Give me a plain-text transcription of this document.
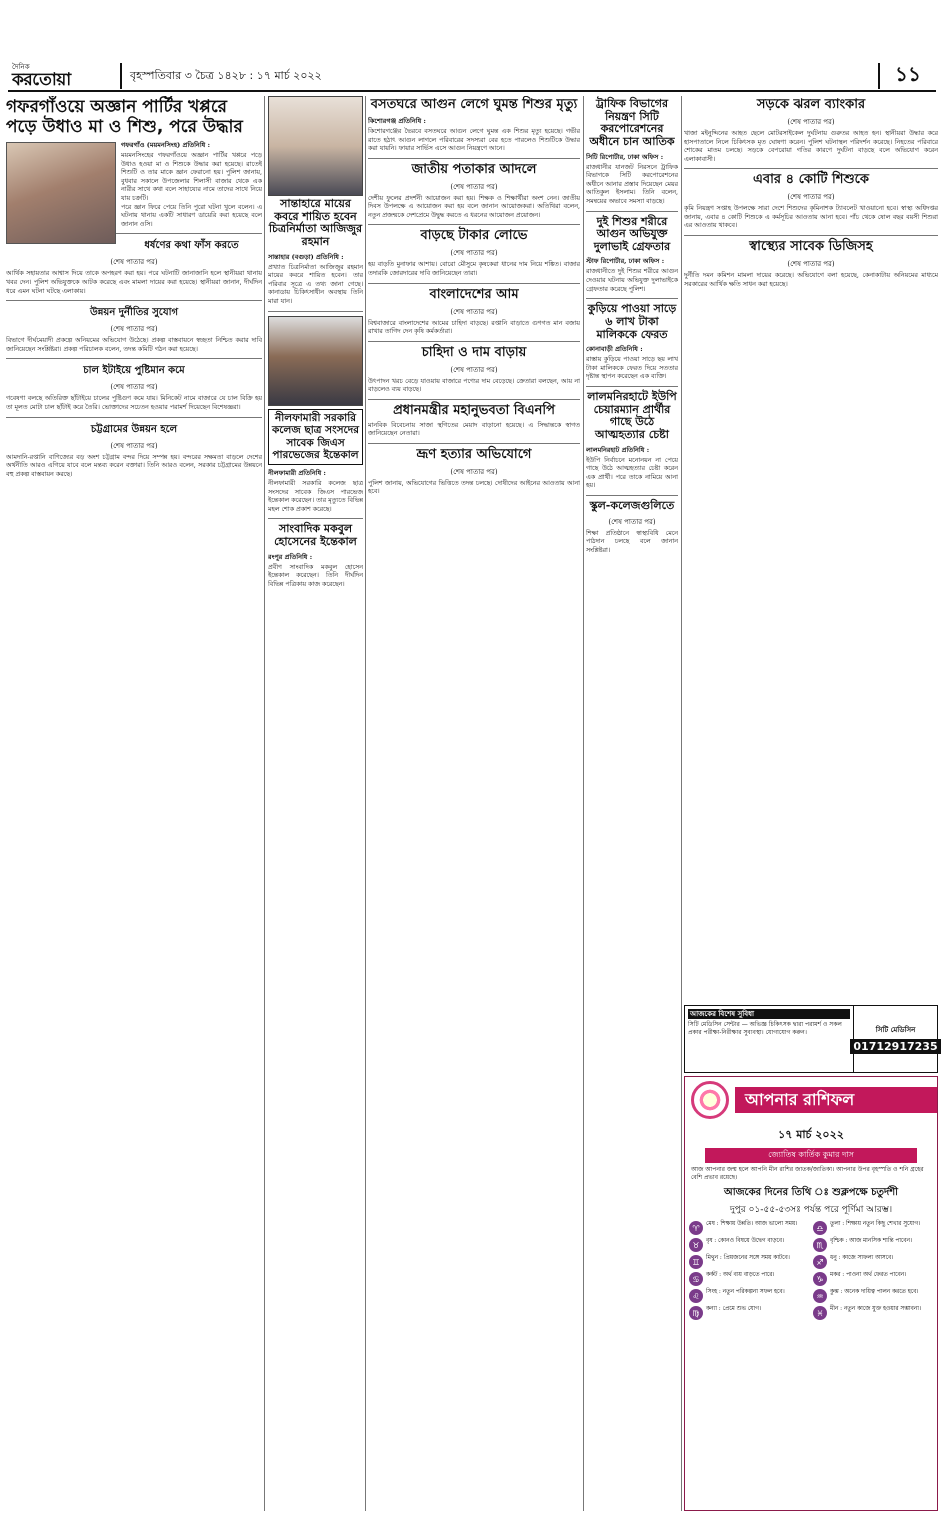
দৈনিক
করতোয়া	বৃহস্পতিবার ৩ চৈত্র ১৪২৮ : ১৭ মার্চ ২০২২	১১
গফরগাঁওয়ে অজ্ঞান পার্টির খপ্পরে পড়ে উধাও মা ও শিশু, পরে উদ্ধার
গফরগাঁও (ময়মনসিংহ) প্রতিনিধি :

ময়মনসিংহের গফরগাঁওয়ে অজ্ঞান পার্টির খপ্পরে পড়ে উধাও হওয়া মা ও শিশুকে উদ্ধার করা হয়েছে। রাতেই শিশুটি ও তার মাকে জ্ঞান ফেরানো হয়। পুলিশ জানায়, বুধবার সকালে উপজেলার শিলাসী বাজার থেকে এক নারীর সাথে কথা বলে সাহায্যের নামে তাদের সাথে নিয়ে যায় চক্রটি।

পরে জ্ঞান ফিরে পেয়ে তিনি পুরো ঘটনা খুলে বলেন। এ ঘটনায় থানায় একটি সাধারণ ডায়েরি করা হয়েছে বলে জানান ওসি।

ধর্ষণের কথা ফাঁস করতে
(শেষ পাতার পর)

আর্থিক সহায়তার আশ্বাস দিয়ে তাকে অপহরণ করা হয়। পরে ঘটনাটি জানাজানি হলে স্থানীয়রা থানায় খবর দেন। পুলিশ অভিযুক্তকে আটক করেছে এবং মামলা দায়ের করা হয়েছে। স্থানীয়রা জানান, দীর্ঘদিন ধরে এমন ঘটনা ঘটছে এলাকায়।

উন্নয়ন দুর্নীতির সুযোগ
(শেষ পাতার পর)

বিভাগে দীর্ঘমেয়াদী প্রকল্পে অনিয়মের অভিযোগ উঠেছে। প্রকল্প বাস্তবায়নে স্বচ্ছতা নিশ্চিত করার দাবি জানিয়েছেন সংশ্লিষ্টরা। প্রকল্প পরিচালক বলেন, তদন্ত কমিটি গঠন করা হয়েছে।

চাল ইটাইয়ে পুষ্টিমান কমে
(শেষ পাতার পর)

গবেষণা বলছে অতিরিক্ত ছাঁটাইয়ে চালের পুষ্টিগুণ কমে যায়। মিনিকেট নামে বাজারে যে চাল বিক্রি হয় তা মূলত মোটা চাল ছাঁটাই করে তৈরি। ভোক্তাদের সচেতন হওয়ার পরামর্শ দিয়েছেন বিশেষজ্ঞরা।

চট্টগ্রামের উন্নয়ন হলে
(শেষ পাতার পর)

আমদানি-রপ্তানি বাণিজ্যের বড় অংশ চট্টগ্রাম বন্দর দিয়ে সম্পন্ন হয়। বন্দরের সক্ষমতা বাড়লে দেশের অর্থনীতি আরও এগিয়ে যাবে বলে মন্তব্য করেন বক্তারা। তিনি আরও বলেন, সরকার চট্টগ্রামের উন্নয়নে বহু প্রকল্প বাস্তবায়ন করছে।

সান্তাহারে মায়ের কবরে শায়িত হবেন চিত্রনির্মাতা আজিজুর রহমান
সান্তাহার (বগুড়া) প্রতিনিধি :

প্রখ্যাত চিত্রনির্মাতা আজিজুর রহমান মায়ের কবরে শায়িত হবেন। তার পরিবার সূত্রে এ তথ্য জানা গেছে। কানাডায় চিকিৎসাধীন অবস্থায় তিনি মারা যান।

নীলফামারী সরকারি কলেজ ছাত্র সংসদের সাবেক জিএস পারভেজের ইন্তেকাল
নীলফামারী প্রতিনিধি :

নীলফামারী সরকারি কলেজ ছাত্র সংসদের সাবেক জিএস পারভেজ ইন্তেকাল করেছেন। তার মৃত্যুতে বিভিন্ন মহল শোক প্রকাশ করেছে।

সাংবাদিক মকবুল হোসেনের ইন্তেকাল
রংপুর প্রতিনিধি :

প্রবীণ সাংবাদিক মকবুল হোসেন ইন্তেকাল করেছেন। তিনি দীর্ঘদিন বিভিন্ন পত্রিকায় কাজ করেছেন।

বসতঘরে আগুন লেগে ঘুমন্ত শিশুর মৃত্যু
কিশোরগঞ্জ প্রতিনিধি :

কিশোরগঞ্জের ভৈরবে বসতঘরে আগুন লেগে ঘুমন্ত এক শিশুর মৃত্যু হয়েছে। গভীর রাতে হঠাৎ আগুন লাগলে পরিবারের সদস্যরা বের হতে পারলেও শিশুটিকে উদ্ধার করা যায়নি। ফায়ার সার্ভিস এসে আগুন নিয়ন্ত্রণে আনে।

জাতীয় পতাকার আদলে
(শেষ পাতার পর)

দেশীয় ফুলের প্রদর্শনী আয়োজন করা হয়। শিক্ষক ও শিক্ষার্থীরা অংশ নেন। জাতীয় দিবস উপলক্ষে এ আয়োজন করা হয় বলে জানান আয়োজকরা। অতিথিরা বলেন, নতুন প্রজন্মকে দেশপ্রেমে উদ্বুদ্ধ করতে এ ধরনের আয়োজন প্রয়োজন।

বাড়ছে টাকার লোভে
(শেষ পাতার পর)

হয় বাড়তি মুনাফার আশায়। বোরো মৌসুমে কৃষকেরা ধানের দাম নিয়ে শঙ্কিত। বাজার তদারকি জোরদারের দাবি জানিয়েছেন তারা।

বাংলাদেশের আম
(শেষ পাতার পর)

বিশ্ববাজারে বাংলাদেশের আমের চাহিদা বাড়ছে। রপ্তানি বাড়াতে গুণগত মান বজায় রাখার তাগিদ দেন কৃষি কর্মকর্তারা।

চাহিদা ও দাম বাড়ায়
(শেষ পাতার পর)

উৎপাদন খরচ বেড়ে যাওয়ায় বাজারে পণ্যের দাম বেড়েছে। ক্রেতারা বলছেন, আয় না বাড়লেও ব্যয় বাড়ছে।

প্রধানমন্ত্রীর মহানুভবতা বিএনপি

মানবিক বিবেচনায় সাজা স্থগিতের মেয়াদ বাড়ানো হয়েছে। এ সিদ্ধান্তকে স্বাগত জানিয়েছেন নেতারা।

ভ্রূণ হত্যার অভিযোগে
(শেষ পাতার পর)

পুলিশ জানায়, অভিযোগের ভিত্তিতে তদন্ত চলছে। দোষীদের আইনের আওতায় আনা হবে।

ট্রাফিক বিভাগের নিয়ন্ত্রণ সিটি করপোরেশনের অধীনে চান আতিক
সিটি রিপোর্টার, ঢাকা অফিস :

রাজধানীর যানজট নিরসনে ট্রাফিক বিভাগকে সিটি করপোরেশনের অধীনে আনার প্রস্তাব দিয়েছেন মেয়র আতিকুল ইসলাম। তিনি বলেন, সমন্বয়ের অভাবে সমস্যা বাড়ছে।

দুই শিশুর শরীরে আগুন অভিযুক্ত দুলাভাই গ্রেফতার
স্টাফ রিপোর্টার, ঢাকা অফিস :

রাজধানীতে দুই শিশুর শরীরে আগুন দেওয়ার ঘটনায় অভিযুক্ত দুলাভাইকে গ্রেফতার করেছে পুলিশ।

কুড়িয়ে পাওয়া সাড়ে ৬ লাখ টাকা মালিককে ফেরত
কোনাবাড়ী প্রতিনিধি :

রাস্তায় কুড়িয়ে পাওয়া সাড়ে ছয় লাখ টাকা মালিককে ফেরত দিয়ে সততার দৃষ্টান্ত স্থাপন করেছেন এক ব্যক্তি।

লালমনিরহাটে ইউপি চেয়ারম্যান প্রার্থীর গাছে উঠে আত্মহত্যার চেষ্টা
লালমনিরহাট প্রতিনিধি :

ইউপি নির্বাচনে মনোনয়ন না পেয়ে গাছে উঠে আত্মহত্যার চেষ্টা করেন এক প্রার্থী। পরে তাকে নামিয়ে আনা হয়।

স্কুল-কলেজগুলিতে
(শেষ পাতার পর)

শিক্ষা প্রতিষ্ঠানে স্বাস্থ্যবিধি মেনে পাঠদান চলছে বলে জানান সংশ্লিষ্টরা।

সড়কে ঝরল ব্যাংকার
(শেষ পাতার পর)

খাজা মইনুদ্দিনের আহত ছেলে মোটরসাইকেল দুর্ঘটনায় গুরুতর আহত হন। স্থানীয়রা উদ্ধার করে হাসপাতালে নিলে চিকিৎসক মৃত ঘোষণা করেন। পুলিশ ঘটনাস্থল পরিদর্শন করেছে। নিহতের পরিবারে শোকের মাতম চলছে। সড়কে বেপরোয়া গতির কারণে দুর্ঘটনা বাড়ছে বলে অভিযোগ করেন এলাকাবাসী।

এবার ৪ কোটি শিশুকে
(শেষ পাতার পর)

কৃমি নিয়ন্ত্রণ সপ্তাহ উপলক্ষে সারা দেশে শিশুদের কৃমিনাশক ট্যাবলেট খাওয়ানো হবে। স্বাস্থ্য অধিদপ্তর জানায়, এবার ৪ কোটি শিশুকে এ কর্মসূচির আওতায় আনা হবে। পাঁচ থেকে ষোল বছর বয়সী শিশুরা এর আওতায় থাকবে।

স্বাস্থ্যের সাবেক ডিজিসহ
(শেষ পাতার পর)

দুর্নীতি দমন কমিশন মামলা দায়ের করেছে। অভিযোগে বলা হয়েছে, কেনাকাটায় অনিয়মের মাধ্যমে সরকারের আর্থিক ক্ষতি সাধন করা হয়েছে।

আজকের বিশেষ সুবিধা
সিটি মেডিসিন সেন্টার — অভিজ্ঞ চিকিৎসক দ্বারা পরামর্শ ও সকল প্রকার পরীক্ষা-নিরীক্ষার সুব্যবস্থা। যোগাযোগ করুন।	সিটি মেডিসিন
01712917235
আপনার রাশিফল
১৭ মার্চ ২০২২
জ্যোতিষ কার্তিক কুমার দাস
আজ আপনার জন্ম হলে আপনি মীন রাশির জাতক/জাতিকা। আপনার উপর বৃহস্পতি ও শনি গ্রহের বেশি প্রভাব রয়েছে।
আজকের দিনের তিথি ঃ শুক্লপক্ষে চতুর্দশী
দুপুর ০১-৫৫-৫৩সঃ পর্যন্ত পরে পূর্ণিমা আরম্ভ।
♈	মেষ : শিক্ষায় উন্নতি। আজ ভালো সময়।	♎	তুলা : শিক্ষায় নতুন কিছু শেখার সুযোগ।
♉	বৃষ : কোনও বিষয়ে উদ্বেগ বাড়বে।	♏	বৃশ্চিক : আজ মানসিক শান্তি পাবেন।
♊	মিথুন : প্রিয়জনের সঙ্গে সময় কাটবে।	♐	ধনু : কাজে সাফল্য আসবে।
♋	কর্কট : অর্থ ব্যয় বাড়তে পারে।	♑	মকর : পাওনা অর্থ ফেরত পাবেন।
♌	সিংহ : নতুন পরিকল্পনা সফল হবে।	♒	কুম্ভ : অনেক দায়িত্ব পালন করতে হবে।
♍	কন্যা : প্রেমে শুভ যোগ।	♓	মীন : নতুন কাজে যুক্ত হওয়ার সম্ভাবনা।
